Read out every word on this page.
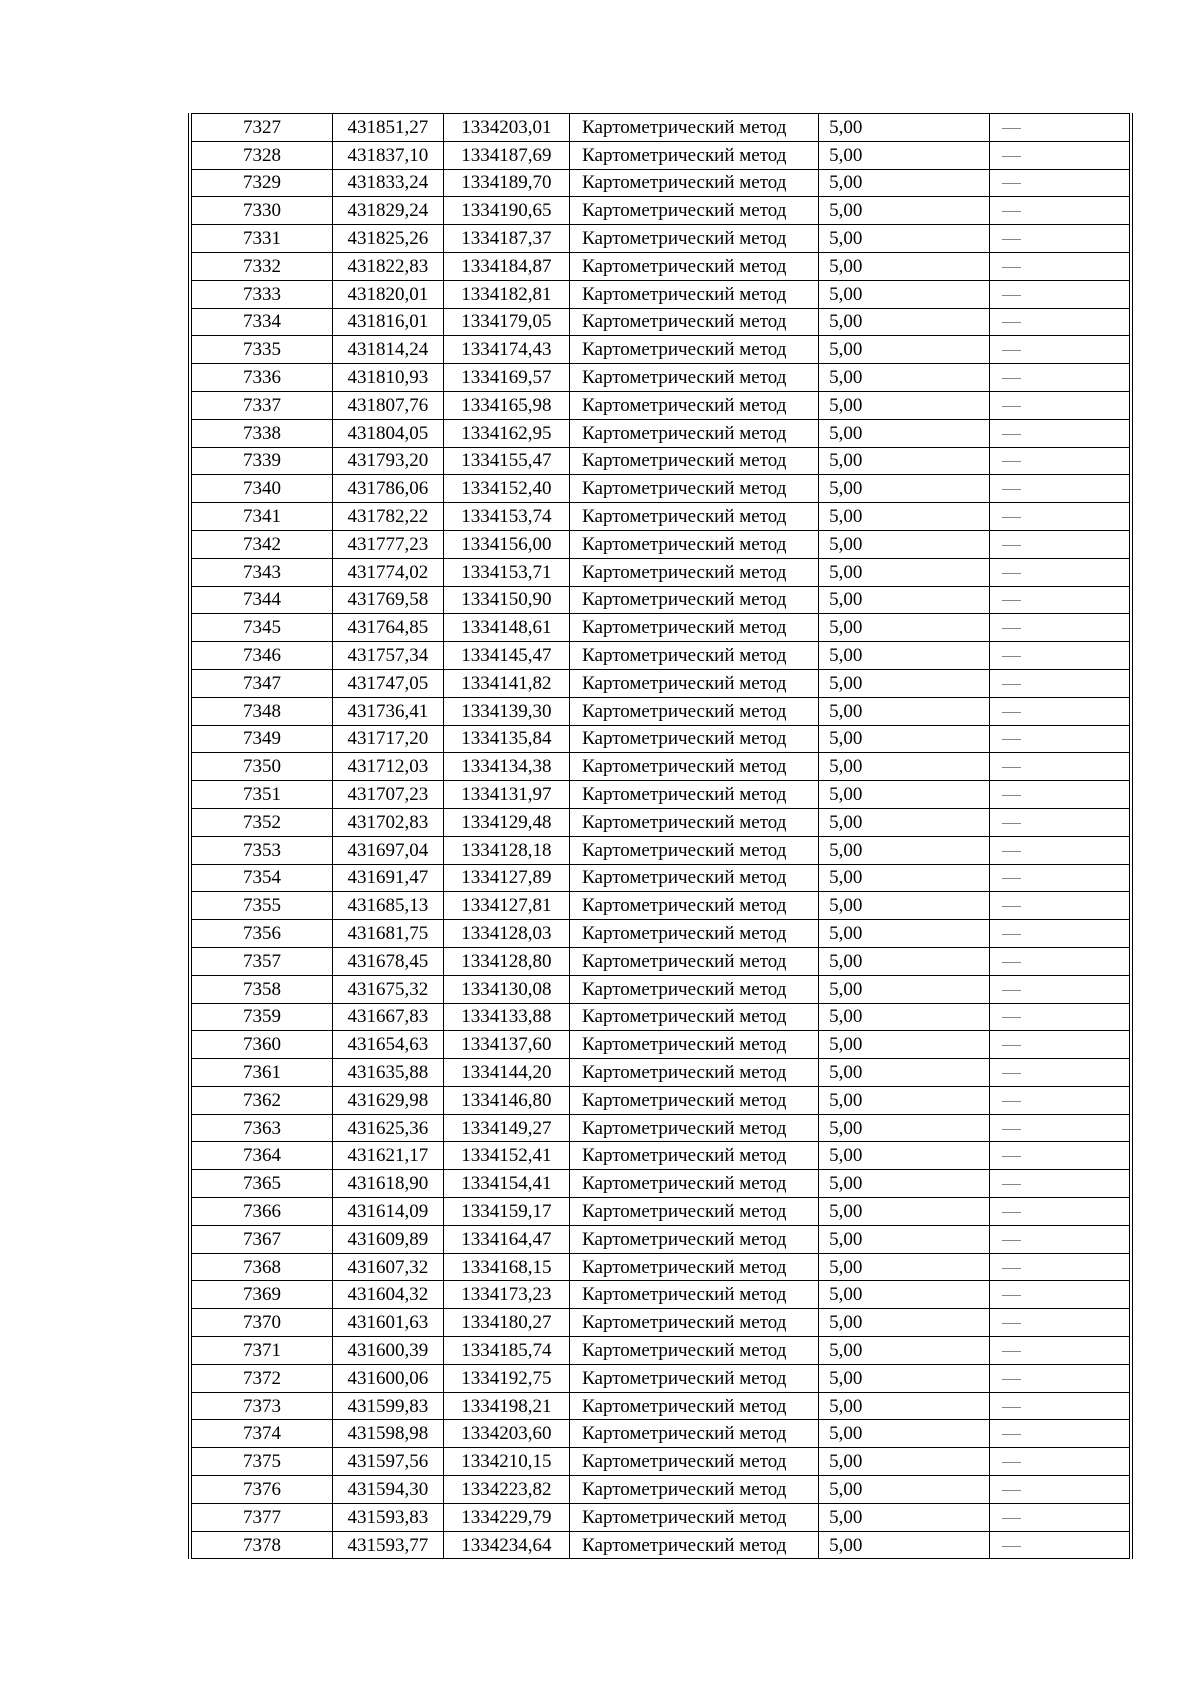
7327	431851,27	1334203,01	Картометрический метод	5,00	—
7328	431837,10	1334187,69	Картометрический метод	5,00	—
7329	431833,24	1334189,70	Картометрический метод	5,00	—
7330	431829,24	1334190,65	Картометрический метод	5,00	—
7331	431825,26	1334187,37	Картометрический метод	5,00	—
7332	431822,83	1334184,87	Картометрический метод	5,00	—
7333	431820,01	1334182,81	Картометрический метод	5,00	—
7334	431816,01	1334179,05	Картометрический метод	5,00	—
7335	431814,24	1334174,43	Картометрический метод	5,00	—
7336	431810,93	1334169,57	Картометрический метод	5,00	—
7337	431807,76	1334165,98	Картометрический метод	5,00	—
7338	431804,05	1334162,95	Картометрический метод	5,00	—
7339	431793,20	1334155,47	Картометрический метод	5,00	—
7340	431786,06	1334152,40	Картометрический метод	5,00	—
7341	431782,22	1334153,74	Картометрический метод	5,00	—
7342	431777,23	1334156,00	Картометрический метод	5,00	—
7343	431774,02	1334153,71	Картометрический метод	5,00	—
7344	431769,58	1334150,90	Картометрический метод	5,00	—
7345	431764,85	1334148,61	Картометрический метод	5,00	—
7346	431757,34	1334145,47	Картометрический метод	5,00	—
7347	431747,05	1334141,82	Картометрический метод	5,00	—
7348	431736,41	1334139,30	Картометрический метод	5,00	—
7349	431717,20	1334135,84	Картометрический метод	5,00	—
7350	431712,03	1334134,38	Картометрический метод	5,00	—
7351	431707,23	1334131,97	Картометрический метод	5,00	—
7352	431702,83	1334129,48	Картометрический метод	5,00	—
7353	431697,04	1334128,18	Картометрический метод	5,00	—
7354	431691,47	1334127,89	Картометрический метод	5,00	—
7355	431685,13	1334127,81	Картометрический метод	5,00	—
7356	431681,75	1334128,03	Картометрический метод	5,00	—
7357	431678,45	1334128,80	Картометрический метод	5,00	—
7358	431675,32	1334130,08	Картометрический метод	5,00	—
7359	431667,83	1334133,88	Картометрический метод	5,00	—
7360	431654,63	1334137,60	Картометрический метод	5,00	—
7361	431635,88	1334144,20	Картометрический метод	5,00	—
7362	431629,98	1334146,80	Картометрический метод	5,00	—
7363	431625,36	1334149,27	Картометрический метод	5,00	—
7364	431621,17	1334152,41	Картометрический метод	5,00	—
7365	431618,90	1334154,41	Картометрический метод	5,00	—
7366	431614,09	1334159,17	Картометрический метод	5,00	—
7367	431609,89	1334164,47	Картометрический метод	5,00	—
7368	431607,32	1334168,15	Картометрический метод	5,00	—
7369	431604,32	1334173,23	Картометрический метод	5,00	—
7370	431601,63	1334180,27	Картометрический метод	5,00	—
7371	431600,39	1334185,74	Картометрический метод	5,00	—
7372	431600,06	1334192,75	Картометрический метод	5,00	—
7373	431599,83	1334198,21	Картометрический метод	5,00	—
7374	431598,98	1334203,60	Картометрический метод	5,00	—
7375	431597,56	1334210,15	Картометрический метод	5,00	—
7376	431594,30	1334223,82	Картометрический метод	5,00	—
7377	431593,83	1334229,79	Картометрический метод	5,00	—
7378	431593,77	1334234,64	Картометрический метод	5,00	—
